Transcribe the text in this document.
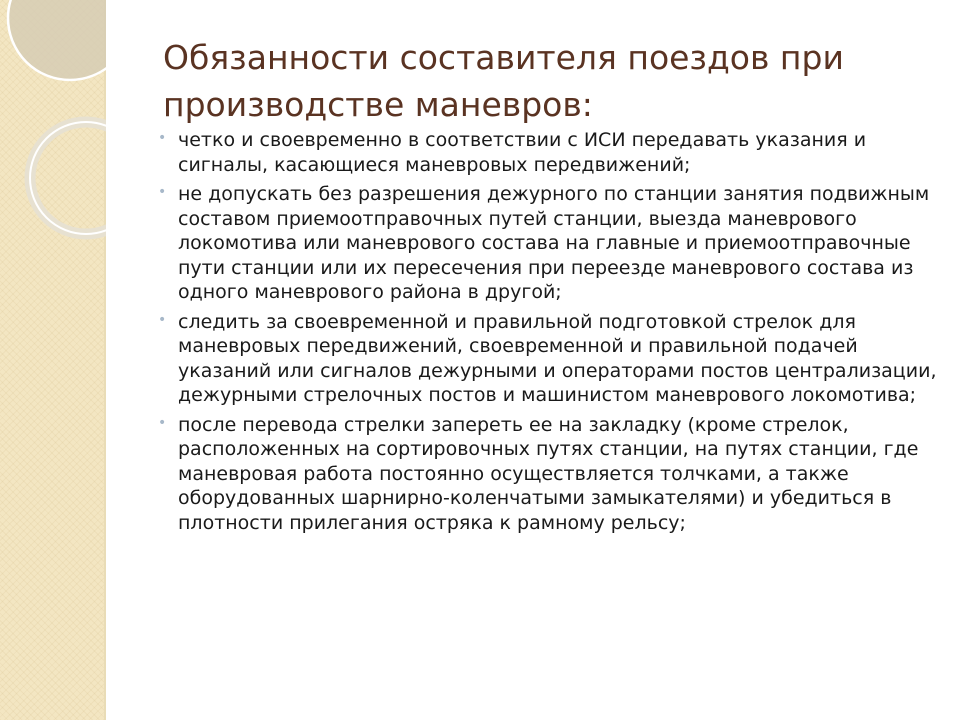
Обязанности составителя поездов при производстве маневров:
• четко и своевременно в соответствии с ИСИ передавать указания и сигналы, касающиеся маневровых передвижений;
• не допускать без разрешения дежурного по станции занятия подвижным составом приемоотправочных путей станции, выезда маневрового локомотива или маневрового состава на главные и приемоотправочные пути станции или их пересечения при переезде маневрового состава из одного маневрового района в другой;
• следить за своевременной и правильной подготовкой стрелок для маневровых передвижений, своевременной и правильной подачей указаний или сигналов дежурными и операторами постов централизации, дежурными стрелочных постов и машинистом маневрового локомотива;
• после перевода стрелки запереть ее на закладку (кроме стрелок, расположенных на сортировочных путях станции, на путях станции, где маневровая работа постоянно осуществляется толчками, а также оборудованных шарнирно-коленчатыми замыкателями) и убедиться в плотности прилегания остряка к рамному рельсу;
